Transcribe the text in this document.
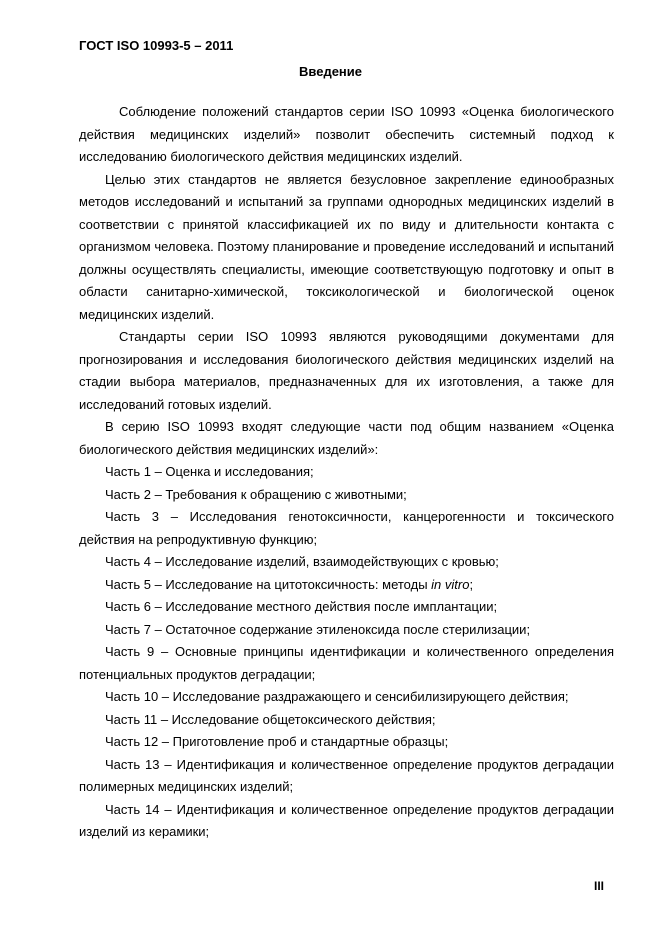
ГОСТ ISO 10993-5 – 2011
Введение

Соблюдение положений стандартов серии ISO 10993 «Оценка биологического действия медицинских изделий» позволит обеспечить системный подход к исследованию биологического действия медицинских изделий.

Целью этих стандартов не является безусловное закрепление единообразных методов исследований и испытаний за группами однородных медицинских изделий в соответствии с принятой классификацией их по виду и длительности контакта с организмом человека. Поэтому планирование и проведение исследований и испытаний должны осуществлять специалисты, имеющие соответствующую подготовку и опыт в области санитарно-химической, токсикологической и биологической оценок медицинских изделий.

Стандарты серии ISO 10993 являются руководящими документами для прогнозирования и исследования биологического действия медицинских изделий на стадии выбора материалов, предназначенных для их изготовления, а также для исследований готовых изделий.

В серию ISO 10993 входят следующие части под общим названием «Оценка биологического действия медицинских изделий»:

Часть 1 – Оценка и исследования;

Часть 2 – Требования к обращению с животными;

Часть 3 – Исследования генотоксичности, канцерогенности и токсического действия на репродуктивную функцию;

Часть 4 – Исследование изделий, взаимодействующих с кровью;

Часть 5 – Исследование на цитотоксичность: методы in vitro;

Часть 6 – Исследование местного действия после имплантации;

Часть 7 – Остаточное содержание этиленоксида после стерилизации;

Часть 9 – Основные принципы идентификации и количественного определения потенциальных продуктов деградации;

Часть 10 – Исследование раздражающего и сенсибилизирующего действия;

Часть 11 – Исследование общетоксического действия;

Часть 12 – Приготовление проб и стандартные образцы;

Часть 13 – Идентификация и количественное определение продуктов деградации полимерных медицинских изделий;

Часть 14 – Идентификация и количественное определение продуктов деградации изделий из керамики;

III
